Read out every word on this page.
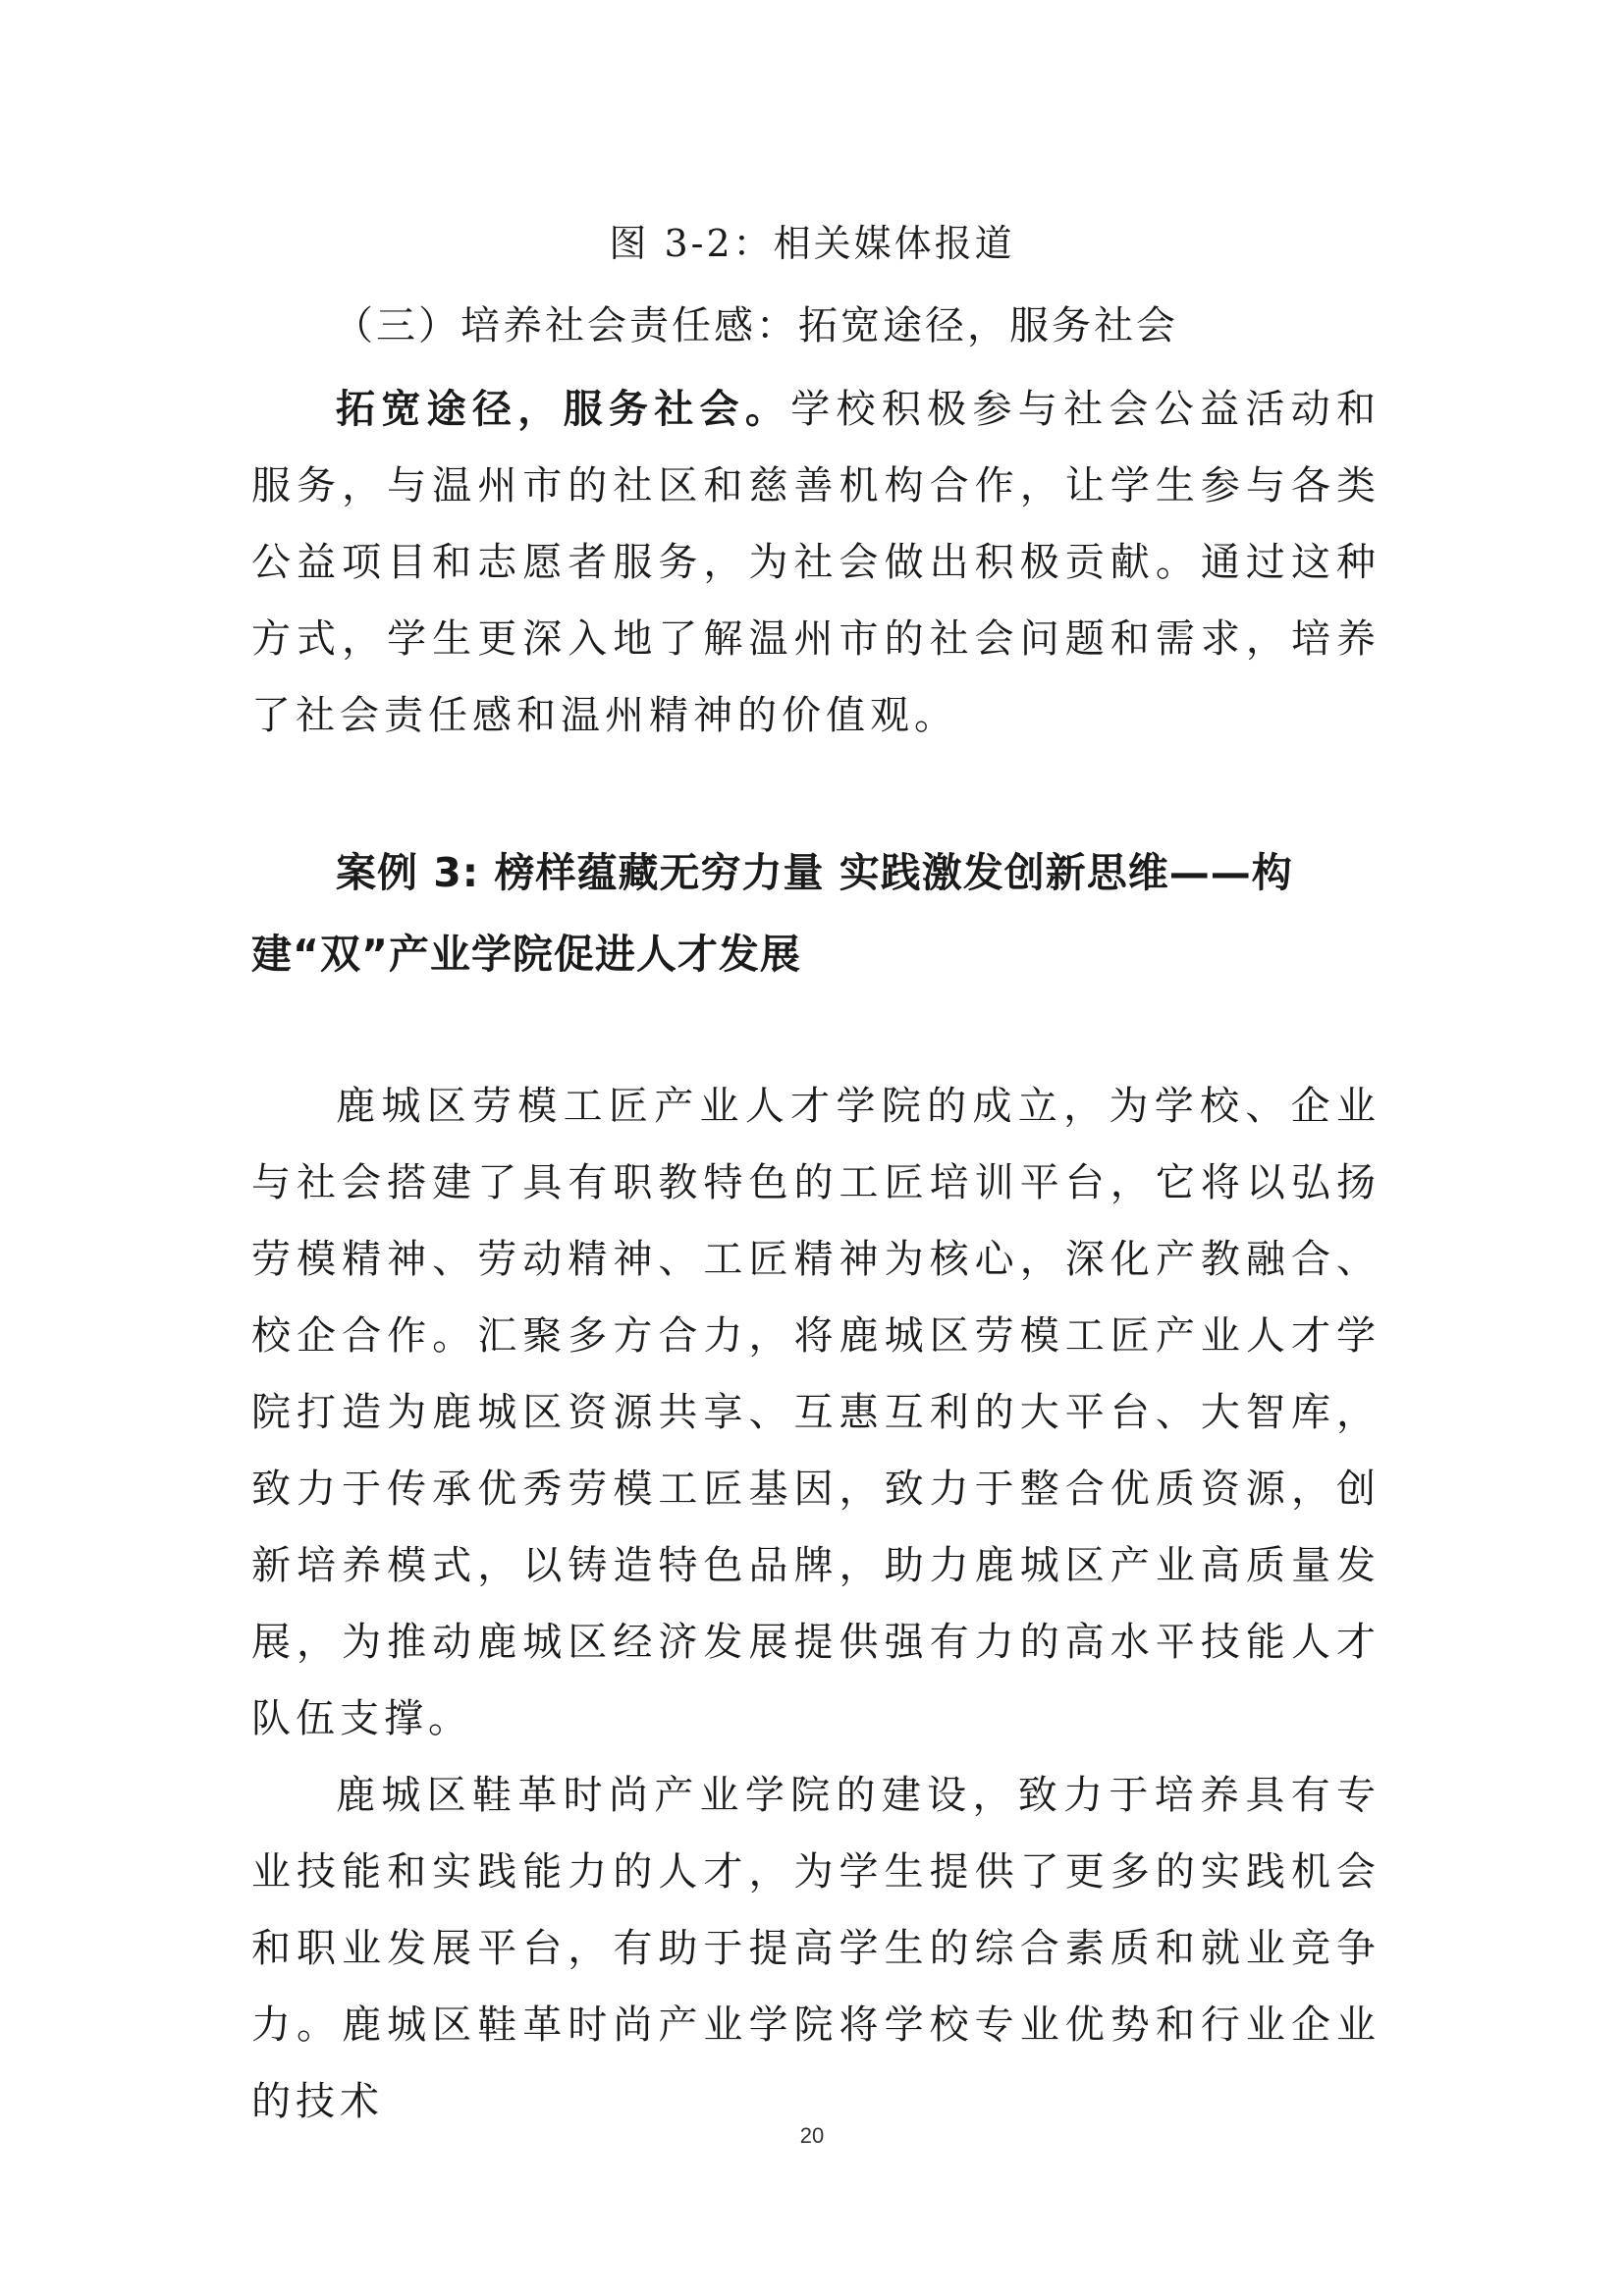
图 3-2：相关媒体报道
（三）培养社会责任感：拓宽途径，服务社会

拓宽途径，服务社会。学校积极参与社会公益活动和服务，与温州市的社区和慈善机构合作，让学生参与各类公益项目和志愿者服务，为社会做出积极贡献。通过这种方式，学生更深入地了解温州市的社会问题和需求，培养了社会责任感和温州精神的价值观。

案例 3: 榜样蕴藏无穷力量 实践激发创新思维——构建“双”产业学院促进人才发展

鹿城区劳模工匠产业人才学院的成立，为学校、企业与社会搭建了具有职教特色的工匠培训平台，它将以弘扬劳模精神、劳动精神、工匠精神为核心，深化产教融合、校企合作。汇聚多方合力，将鹿城区劳模工匠产业人才学院打造为鹿城区资源共享、互惠互利的大平台、大智库，致力于传承优秀劳模工匠基因，致力于整合优质资源，创新培养模式，以铸造特色品牌，助力鹿城区产业高质量发展，为推动鹿城区经济发展提供强有力的高水平技能人才队伍支撑。

鹿城区鞋革时尚产业学院的建设，致力于培养具有专业技能和实践能力的人才，为学生提供了更多的实践机会和职业发展平台，有助于提高学生的综合素质和就业竞争力。鹿城区鞋革时尚产业学院将学校专业优势和行业企业的技术

20
